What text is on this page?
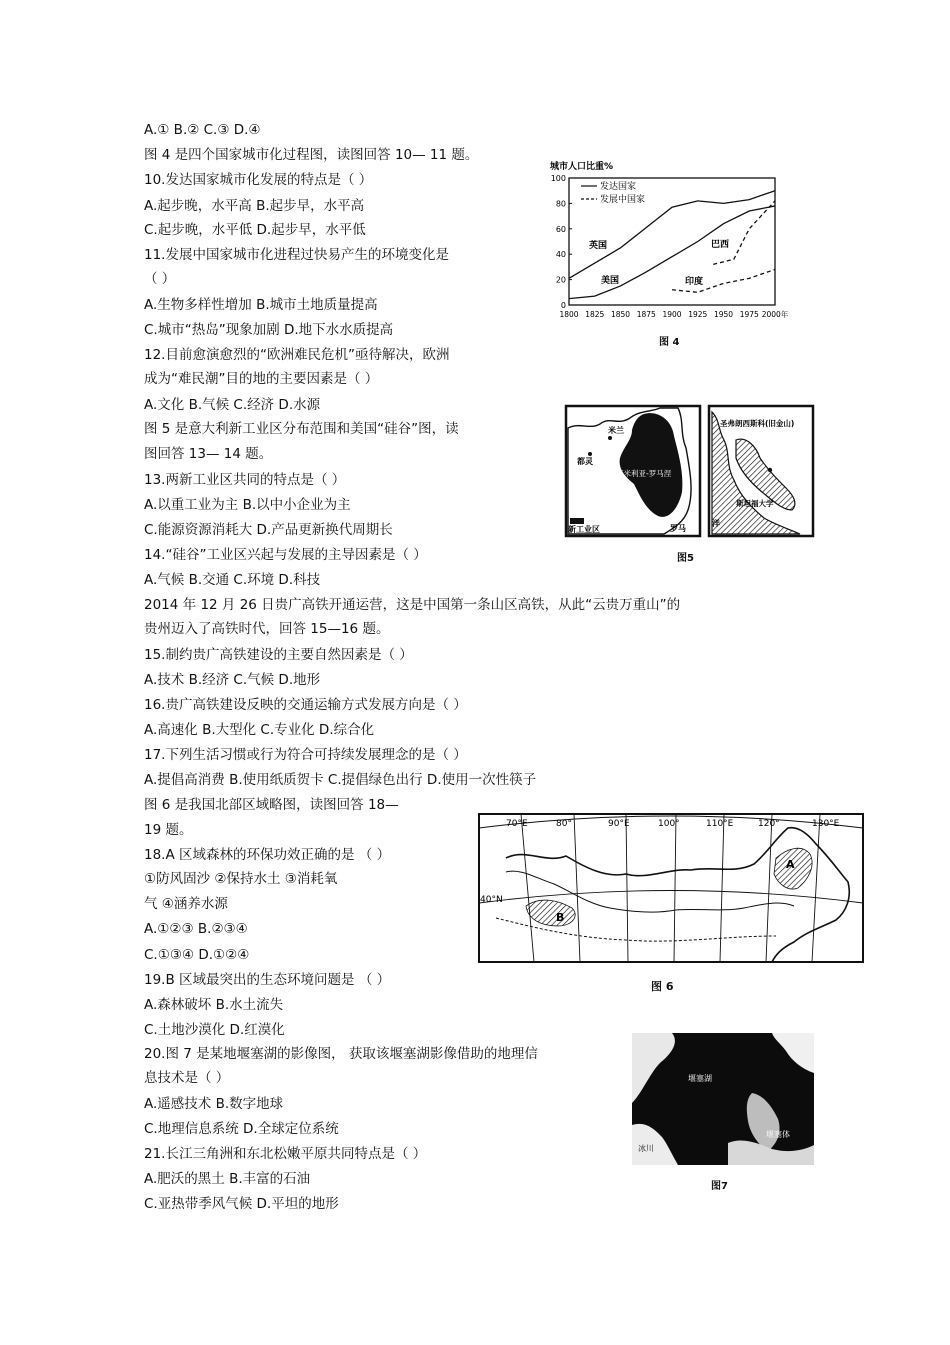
A.① B.② C.③ D.④
图 4 是四个国家城市化过程图，读图回答 10— 11 题。
10.发达国家城市化发展的特点是（ ）
A.起步晚，水平高 B.起步早，水平高
C.起步晚，水平低 D.起步早，水平低
11.发展中国家城市化进程过快易产生的环境变化是
（ ）
A.生物多样性增加 B.城市土地质量提高
C.城市“热岛”现象加剧 D.地下水水质提高
12.目前愈演愈烈的“欧洲难民危机”亟待解决，欧洲
成为“难民潮”目的地的主要因素是（ ）
A.文化 B.气候 C.经济 D.水源
图 5 是意大利新工业区分布范围和美国“硅谷”图，读
图回答 13— 14 题。
13.两新工业区共同的特点是（ ）
A.以重工业为主 B.以中小企业为主
C.能源资源消耗大 D.产品更新换代周期长
14.“硅谷”工业区兴起与发展的主导因素是（ ）
A.气候 B.交通 C.环境 D.科技
2014 年 12 月 26 日贵广高铁开通运营，这是中国第一条山区高铁，从此“云贵万重山”的
贵州迈入了高铁时代，回答 15—16 题。
15.制约贵广高铁建设的主要自然因素是（ ）
A.技术 B.经济 C.气候 D.地形
16.贵广高铁建设反映的交通运输方式发展方向是（ ）
A.高速化 B.大型化 C.专业化 D.综合化
17.下列生活习惯或行为符合可持续发展理念的是（ ）
A.提倡高消费 B.使用纸质贺卡 C.提倡绿色出行 D.使用一次性筷子
图 6 是我国北部区域略图，读图回答 18—
19 题。
18.A 区域森林的环保功效正确的是 （ ）
①防风固沙 ②保持水土 ③消耗氧
气 ④涵养水源
A.①②③ B.②③④
C.①③④ D.①②④
19.B 区域最突出的生态环境问题是 （ ）
A.森林破坏 B.水土流失
C.土地沙漠化 D.红漠化
20.图 7 是某地堰塞湖的影像图， 获取该堰塞湖影像借助的地理信
息技术是（ ）
A.遥感技术 B.数字地球
C.地理信息系统 D.全球定位系统
21.长江三角洲和东北松嫩平原共同特点是（ ）
A.肥沃的黑土 B.丰富的石油
C.亚热带季风气候 D.平坦的地形
城市人口比重%
0
20
40
60
80
100
1800 1825 1850 1875 1900 1925 1950 1975 2000年
发达国家
发展中国家
英国
美国
巴西
印度
图 4
米兰
都灵
艾米利亚-罗马涅
罗马
新工业区
圣弗朗西斯科(旧金山)
斯坦福大学
洋
图5
70°E	80°	90°E	100°	110°E	120°	130°E
40°N
A
B
图 6
堰塞湖
堰塞体
冰川
图7
